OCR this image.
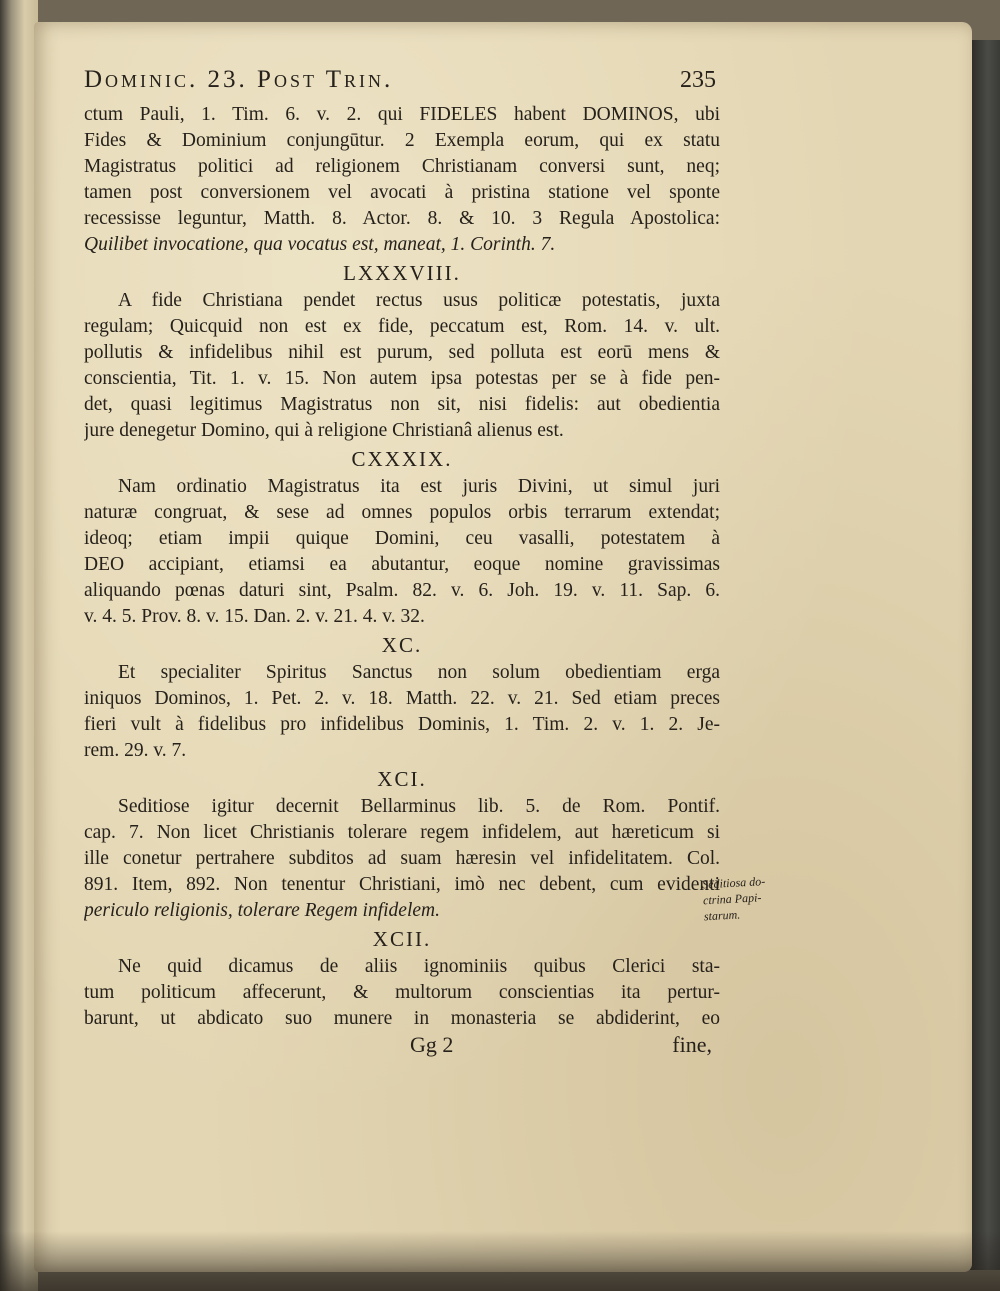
Dominic. 23. Post Trin.	235
ctum Pauli, 1. Tim. 6. v. 2. qui FIDELES habent DOMINOS, ubi
Fides & Dominium conjungūtur. 2 Exempla eorum, qui ex statu
Magistratus politici ad religionem Christianam conversi sunt, neq;
tamen post conversionem vel avocati à pristina statione vel sponte
recessisse leguntur, Matth. 8. Actor. 8. & 10. 3 Regula Apostolica:
Quilibet invocatione, qua vocatus est, maneat, 1. Corinth. 7.
LXXXVIII.
A fide Christiana pendet rectus usus politicæ potestatis, juxta
regulam; Quicquid non est ex fide, peccatum est, Rom. 14. v. ult.
pollutis & infidelibus nihil est purum, sed polluta est eorū mens &
conscientia, Tit. 1. v. 15. Non autem ipsa potestas per se à fide pen-
det, quasi legitimus Magistratus non sit, nisi fidelis: aut obedientia
jure denegetur Domino, qui à religione Christianâ alienus est.
CXXXIX.
Nam ordinatio Magistratus ita est juris Divini, ut simul juri
naturæ congruat, & sese ad omnes populos orbis terrarum extendat;
ideoq; etiam impii quique Domini, ceu vasalli, potestatem à
DEO accipiant, etiamsi ea abutantur, eoque nomine gravissimas
aliquando pœnas daturi sint, Psalm. 82. v. 6. Joh. 19. v. 11. Sap. 6.
v. 4. 5. Prov. 8. v. 15. Dan. 2. v. 21. 4. v. 32.
XC.
Et specialiter Spiritus Sanctus non solum obedientiam erga
iniquos Dominos, 1. Pet. 2. v. 18. Matth. 22. v. 21. Sed etiam preces
fieri vult à fidelibus pro infidelibus Dominis, 1. Tim. 2. v. 1. 2. Je-
rem. 29. v. 7.
XCI.
Seditiose igitur decernit Bellarminus lib. 5. de Rom. Pontif.
cap. 7. Non licet Christianis tolerare regem infidelem, aut hæreticum si
ille conetur pertrahere subditos ad suam hæresin vel infidelitatem. Col.
891. Item, 892. Non tenentur Christiani, imò nec debent, cum evidenti
periculo religionis, tolerare Regem infidelem.
XCII.
Ne quid dicamus de aliis ignominiis quibus Clerici sta-
tum politicum affecerunt, & multorum conscientias ita pertur-
barunt, ut abdicato suo munere in monasteria se abdiderint, eo
Gg 2	fine,
Seditiosa do-
ctrina Papi-
starum.
